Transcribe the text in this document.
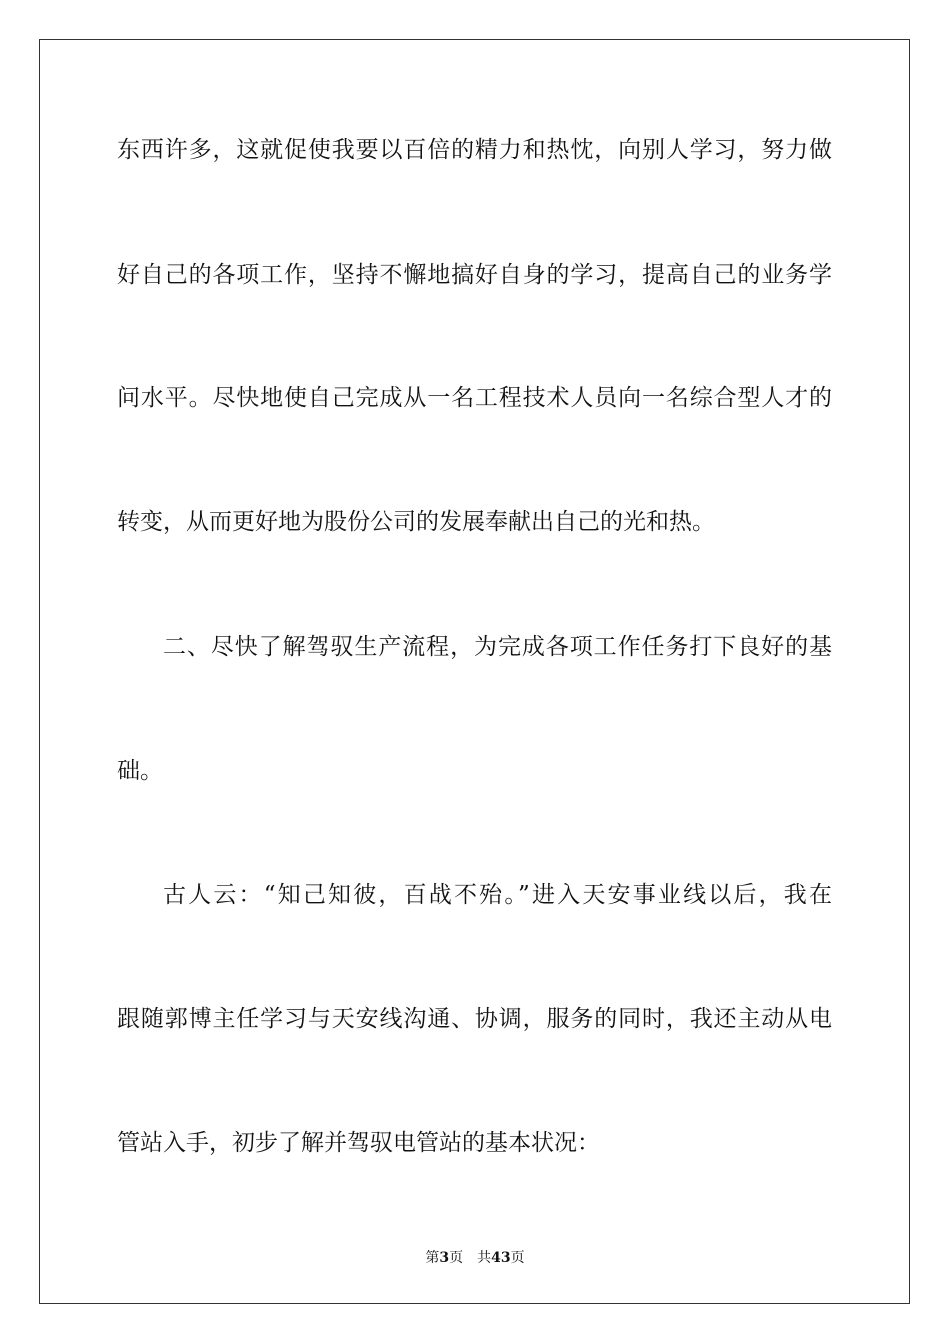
东西许多，这就促使我要以百倍的精力和热忱，向别人学习，努力做
好自己的各项工作，坚持不懈地搞好自身的学习，提高自己的业务学
问水平。尽快地使自己完成从一名工程技术人员向一名综合型人才的
转变，从而更好地为股份公司的发展奉献出自己的光和热。
二、尽快了解驾驭生产流程，为完成各项工作任务打下良好的基
础。
古人云：“知己知彼，百战不殆。”进入天安事业线以后，我在
跟随郭博主任学习与天安线沟通、协调，服务的同时，我还主动从电
管站入手，初步了解并驾驭电管站的基本状况：
第3页 共43页
